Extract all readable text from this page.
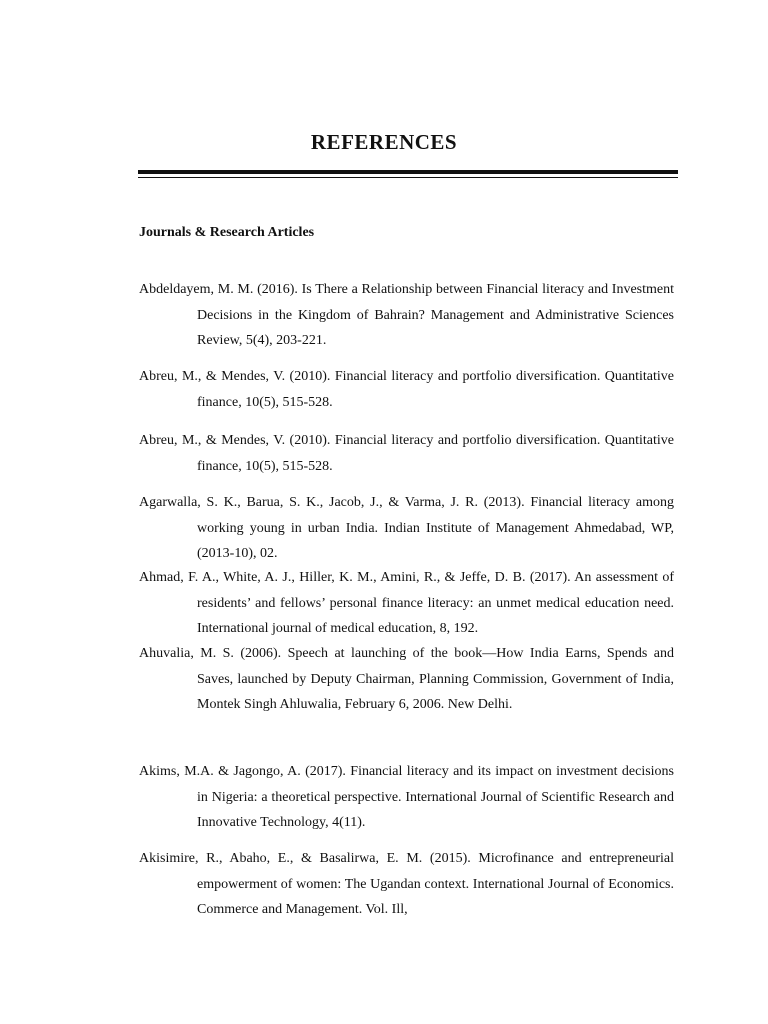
REFERENCES
Journals & Research Articles
Abdeldayem, M. M. (2016). Is There a Relationship between Financial literacy and Investment Decisions in the Kingdom of Bahrain? Management and Administrative Sciences Review, 5(4), 203-221.
Abreu, M., & Mendes, V. (2010). Financial literacy and portfolio diversification. Quantitative finance, 10(5), 515-528.
Abreu, M., & Mendes, V. (2010). Financial literacy and portfolio diversification. Quantitative finance, 10(5), 515-528.
Agarwalla, S. K., Barua, S. K., Jacob, J., & Varma, J. R. (2013). Financial literacy among working young in urban India. Indian Institute of Management Ahmedabad, WP, (2013-10), 02.
Ahmad, F. A., White, A. J., Hiller, K. M., Amini, R., & Jeffe, D. B. (2017). An assessment of residents’ and fellows’ personal finance literacy: an unmet medical education need. International journal of medical education, 8, 192.
Ahuvalia, M. S. (2006). Speech at launching of the book—How India Earns, Spends and Saves, launched by Deputy Chairman, Planning Commission, Government of India, Montek Singh Ahluwalia, February 6, 2006. New Delhi.
Akims, M.A. & Jagongo, A. (2017). Financial literacy and its impact on investment decisions in Nigeria: a theoretical perspective. International Journal of Scientific Research and Innovative Technology, 4(11).
Akisimire, R., Abaho, E., & Basalirwa, E. M. (2015). Microfinance and entrepreneurial empowerment of women: The Ugandan context. International Journal of Economics. Commerce and Management. Vol. Ill,
